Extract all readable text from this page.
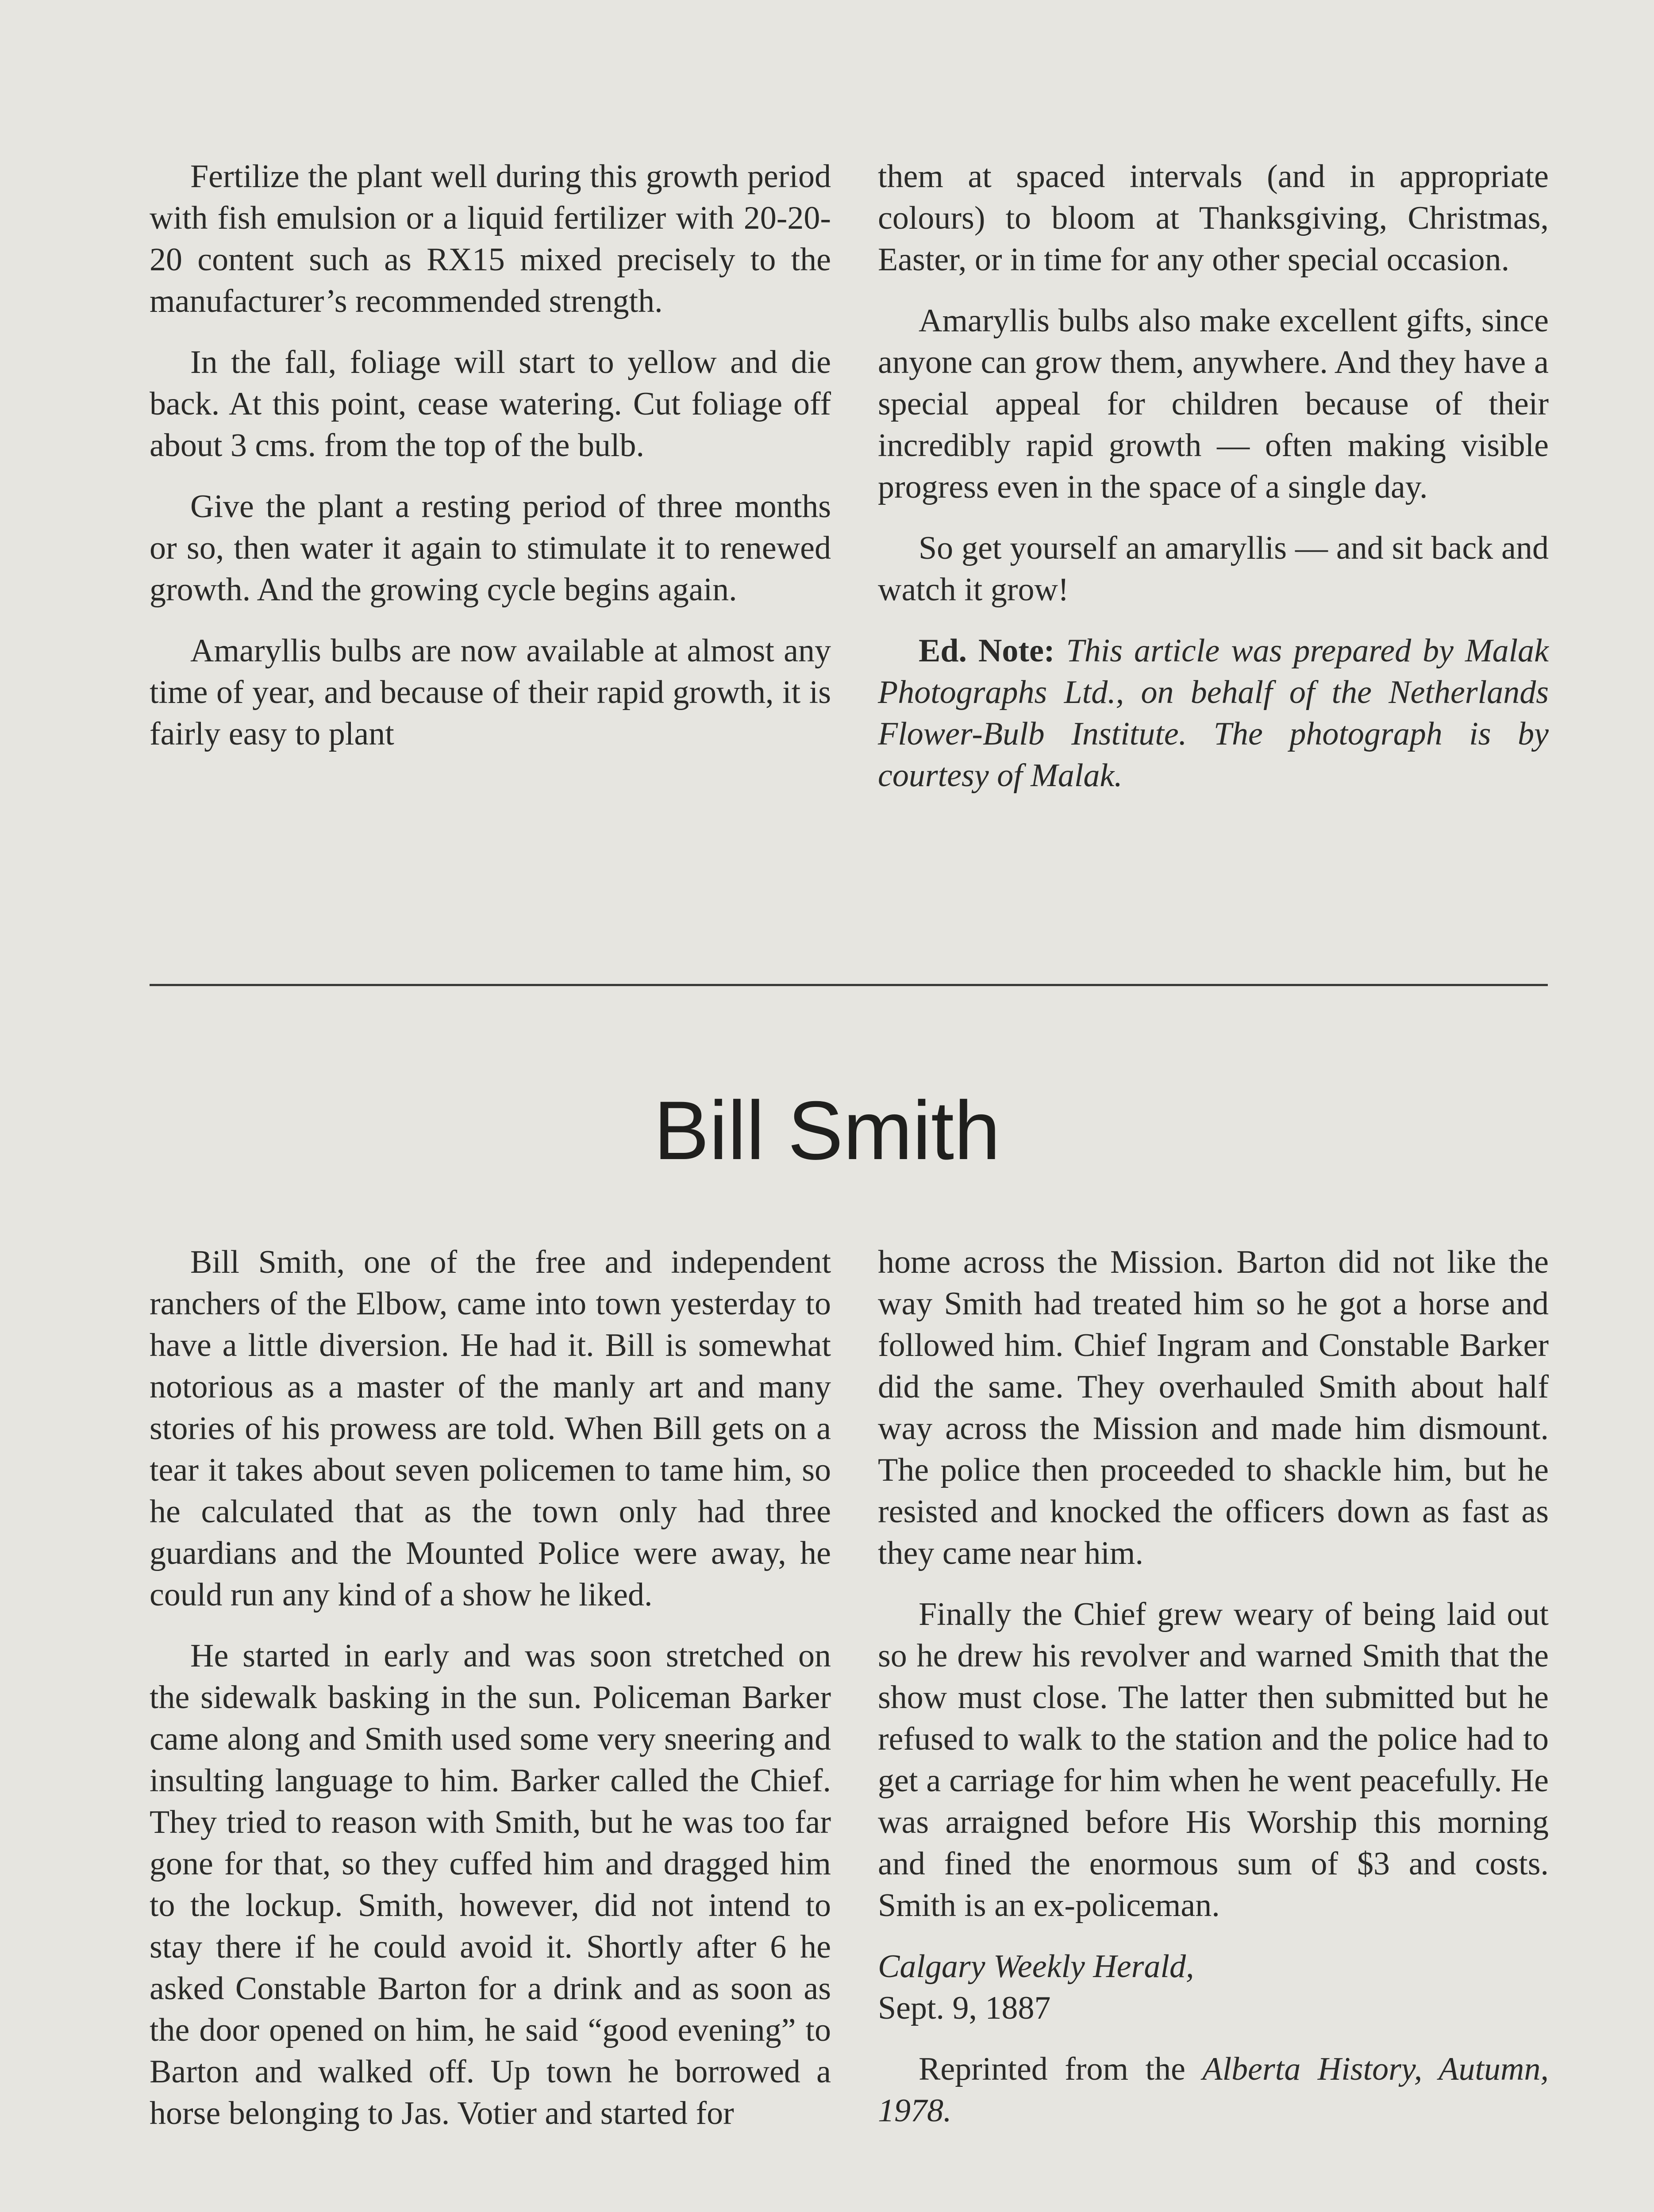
Fertilize the plant well during this growth period with fish emulsion or a liquid fertilizer with 20-20-20 content such as RX15 mixed precisely to the manufacturer’s recommended strength.

In the fall, foliage will start to yellow and die back. At this point, cease watering. Cut foliage off about 3 cms. from the top of the bulb.

Give the plant a resting period of three months or so, then water it again to stimulate it to renewed growth. And the growing cycle begins again.

Amaryllis bulbs are now available at almost any time of year, and because of their rapid growth, it is fairly easy to plant

them at spaced intervals (and in appropriate colours) to bloom at Thanksgiving, Christmas, Easter, or in time for any other special occasion.

Amaryllis bulbs also make excellent gifts, since anyone can grow them, anywhere. And they have a special appeal for children because of their incredibly rapid growth — often making visible progress even in the space of a single day.

So get yourself an amaryllis — and sit back and watch it grow!

Ed. Note: This article was prepared by Malak Photographs Ltd., on behalf of the Netherlands Flower-Bulb Institute. The photograph is by courtesy of Malak.

Bill Smith

Bill Smith, one of the free and independent ranchers of the Elbow, came into town yesterday to have a little diversion. He had it. Bill is somewhat notorious as a master of the manly art and many stories of his prowess are told. When Bill gets on a tear it takes about seven policemen to tame him, so he calculated that as the town only had three guardians and the Mounted Police were away, he could run any kind of a show he liked.

He started in early and was soon stretched on the sidewalk basking in the sun. Policeman Barker came along and Smith used some very sneering and insulting language to him. Barker called the Chief. They tried to reason with Smith, but he was too far gone for that, so they cuffed him and dragged him to the lockup. Smith, however, did not intend to stay there if he could avoid it. Shortly after 6 he asked Constable Barton for a drink and as soon as the door opened on him, he said “good evening” to Barton and walked off. Up town he borrowed a horse belonging to Jas. Votier and started for

home across the Mission. Barton did not like the way Smith had treated him so he got a horse and followed him. Chief Ingram and Constable Barker did the same. They overhauled Smith about half way across the Mission and made him dismount. The police then proceeded to shackle him, but he resisted and knocked the officers down as fast as they came near him.

Finally the Chief grew weary of being laid out so he drew his revolver and warned Smith that the show must close. The latter then submitted but he refused to walk to the station and the police had to get a carriage for him when he went peacefully. He was arraigned before His Worship this morning and fined the enormous sum of $3 and costs. Smith is an ex-policeman.

Calgary Weekly Herald,

Sept. 9, 1887

Reprinted from the Alberta History, Autumn, 1978.
